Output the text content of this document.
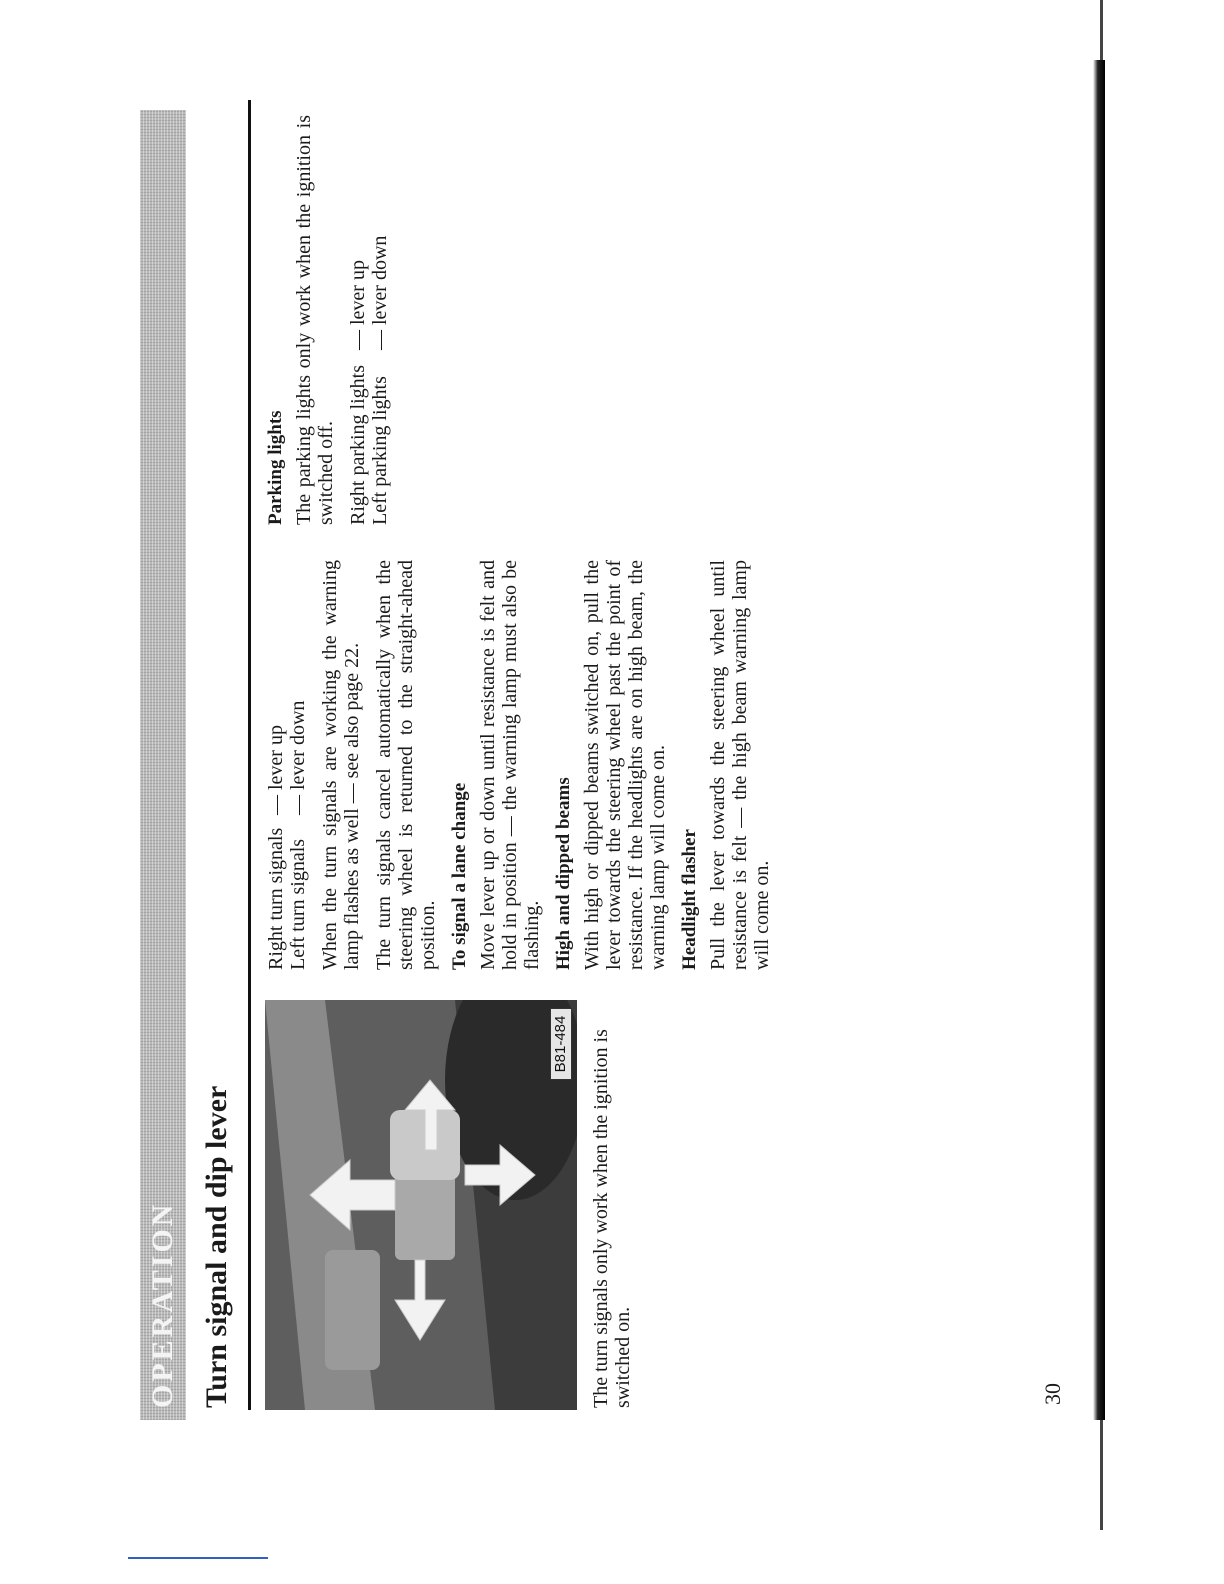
OPERATION Turn signal and dip lever
B81-484 The turn signals only work when the ignition is switched on.

Right turn signals
— lever up
Left turn signals
— lever down When the turn signals are working the warning lamp flashes as well — see also page 22. The turn signals cancel automatically when the steering wheel is returned to the straight-ahead position. To signal a lane change Move lever up or down until resistance is felt and hold in position — the warning lamp must also be flashing. High and dipped beams With high or dipped beams switched on, pull the lever towards the steering wheel past the point of resistance. If the headlights are on high beam, the warning lamp will come on. Headlight flasher Pull the lever towards the steering wheel until resistance is felt — the high beam warning lamp will come on.

Parking lights The parking lights only work when the ignition is switched off. Right parking lights
— lever up
Left parking lights
— lever down
30
